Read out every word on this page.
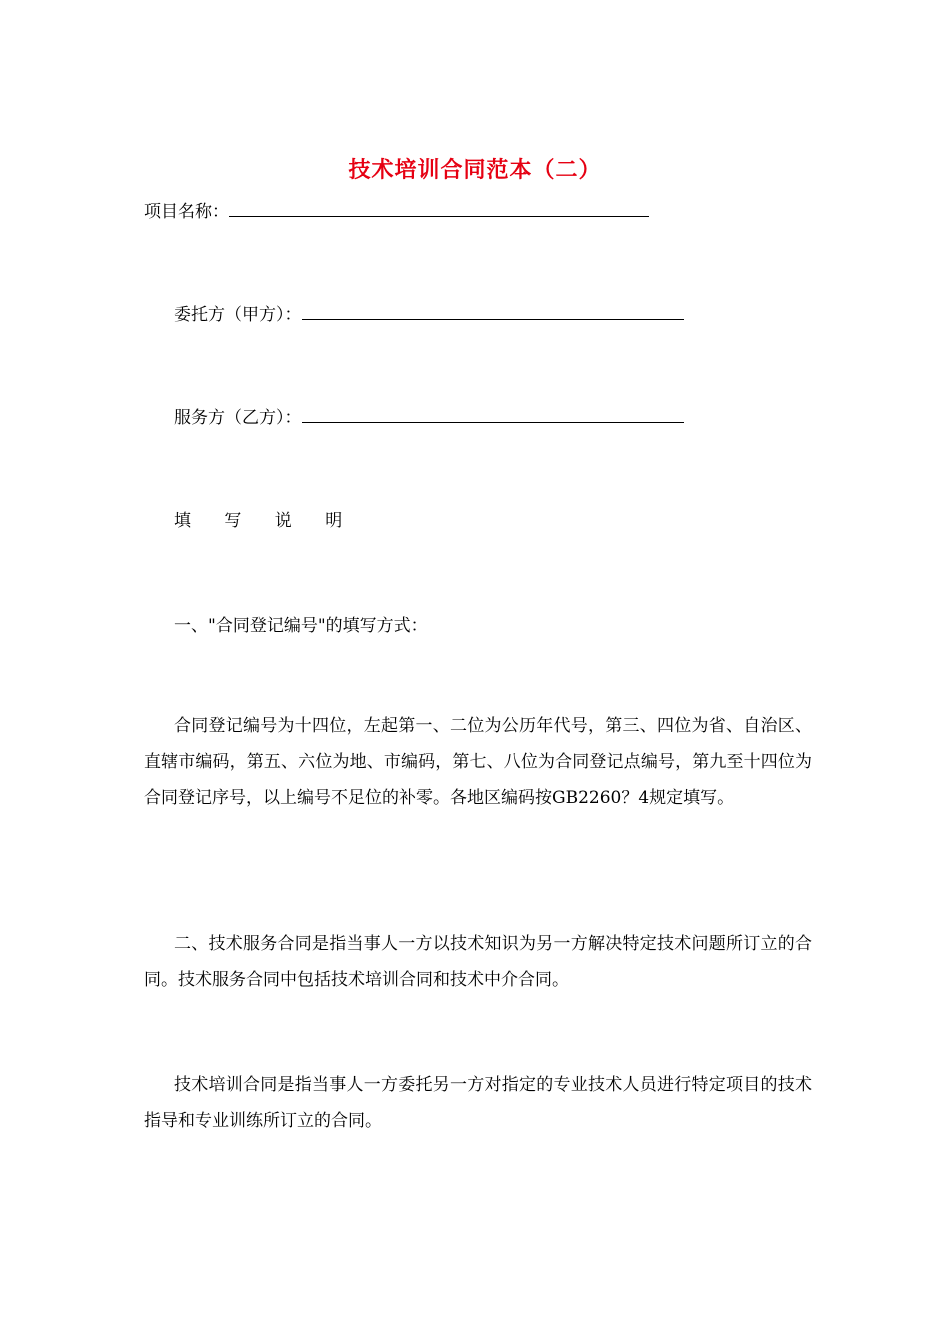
技术培训合同范本（二）
项目名称：
委托方（甲方）：
服务方（乙方）：
填 写 说 明
一、"合同登记编号"的填写方式：
合同登记编号为十四位，左起第一、二位为公历年代号，第三、四位为省、自治区、直辖市编码，第五、六位为地、市编码，第七、八位为合同登记点编号，第九至十四位为合同登记序号，以上编号不足位的补零。各地区编码按GB2260？4规定填写。
二、技术服务合同是指当事人一方以技术知识为另一方解决特定技术问题所订立的合同。技术服务合同中包括技术培训合同和技术中介合同。
技术培训合同是指当事人一方委托另一方对指定的专业技术人员进行特定项目的技术指导和专业训练所订立的合同。
